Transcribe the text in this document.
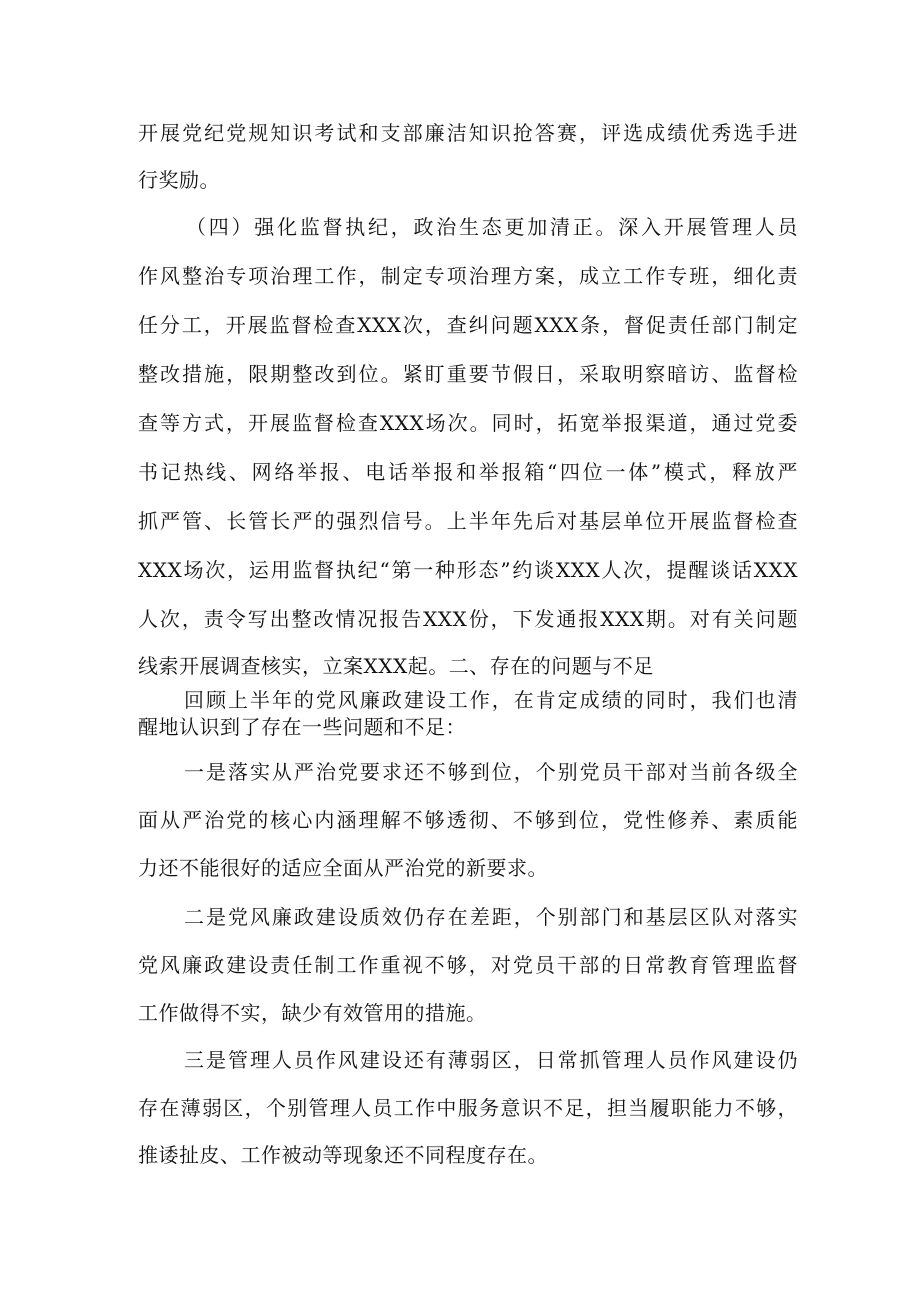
开展党纪党规知识考试和支部廉洁知识抢答赛，评选成绩优秀选手进
行奖励。
（四）强化监督执纪，政治生态更加清正。深入开展管理人员
作风整治专项治理工作，制定专项治理方案，成立工作专班，细化责
任分工，开展监督检查XXX次，查纠问题XXX条，督促责任部门制定
整改措施，限期整改到位。紧盯重要节假日，采取明察暗访、监督检
查等方式，开展监督检查XXX场次。同时，拓宽举报渠道，通过党委
书记热线、网络举报、电话举报和举报箱“四位一体”模式，释放严
抓严管、长管长严的强烈信号。上半年先后对基层单位开展监督检查
XXX场次，运用监督执纪“第一种形态”约谈XXX人次，提醒谈话XXX
人次，责令写出整改情况报告XXX份，下发通报XXX期。对有关问题
线索开展调查核实，立案XXX起。二、存在的问题与不足
回顾上半年的党风廉政建设工作，在肯定成绩的同时，我们也清
醒地认识到了存在一些问题和不足：
一是落实从严治党要求还不够到位，个别党员干部对当前各级全
面从严治党的核心内涵理解不够透彻、不够到位，党性修养、素质能
力还不能很好的适应全面从严治党的新要求。
二是党风廉政建设质效仍存在差距，个别部门和基层区队对落实
党风廉政建设责任制工作重视不够，对党员干部的日常教育管理监督
工作做得不实，缺少有效管用的措施。
三是管理人员作风建设还有薄弱区，日常抓管理人员作风建设仍
存在薄弱区，个别管理人员工作中服务意识不足，担当履职能力不够，
推诿扯皮、工作被动等现象还不同程度存在。
